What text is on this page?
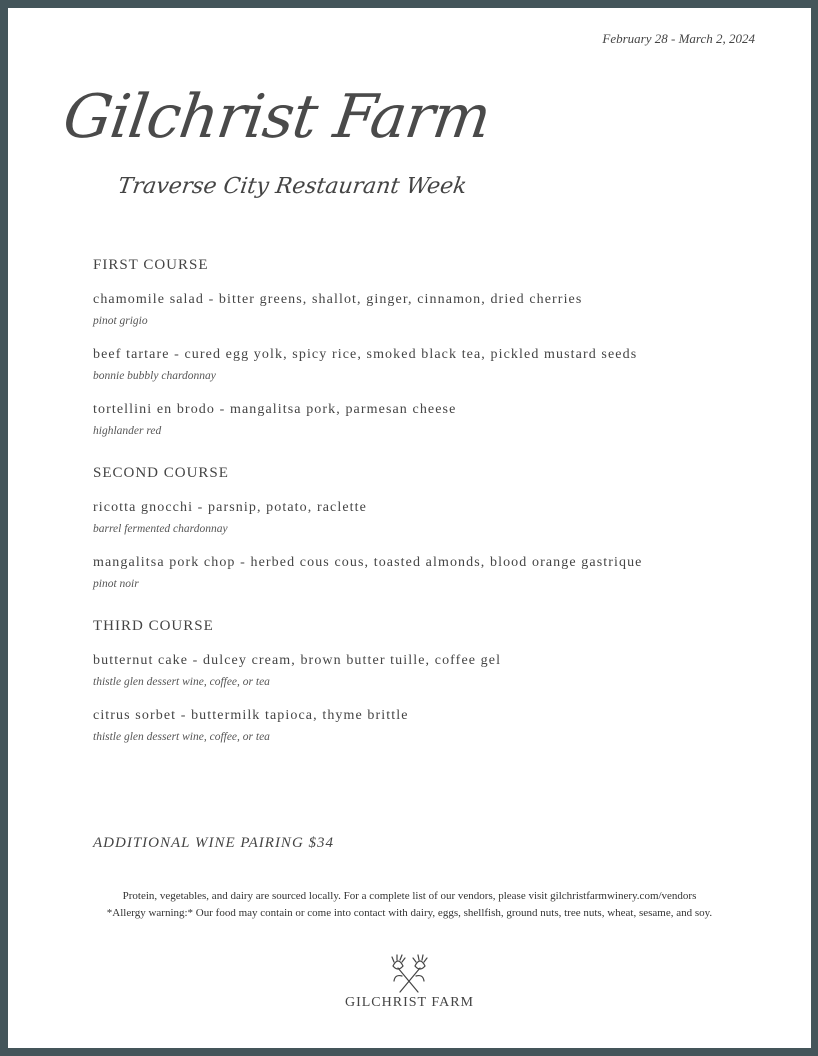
February 28 - March 2, 2024
Gilchrist Farm
Traverse City Restaurant Week
FIRST COURSE
chamomile salad - bitter greens, shallot, ginger, cinnamon, dried cherries
pinot grigio
beef tartare - cured egg yolk, spicy rice, smoked black tea, pickled mustard seeds
bonnie bubbly chardonnay
tortellini en brodo - mangalitsa pork, parmesan cheese
highlander red
SECOND COURSE
ricotta gnocchi - parsnip, potato, raclette
barrel fermented chardonnay
mangalitsa pork chop - herbed cous cous, toasted almonds, blood orange gastrique
pinot noir
THIRD COURSE
butternut cake - dulcey cream, brown butter tuille, coffee gel
thistle glen dessert wine, coffee, or tea
citrus sorbet - buttermilk tapioca, thyme brittle
thistle glen dessert wine, coffee, or tea
ADDITIONAL WINE PAIRING $34
Protein, vegetables, and dairy are sourced locally. For a complete list of our vendors, please visit gilchristfarmwinery.com/vendors
*Allergy warning:* Our food may contain or come into contact with dairy, eggs, shellfish, ground nuts, tree nuts, wheat, sesame, and soy.
GILCHRIST FARM
